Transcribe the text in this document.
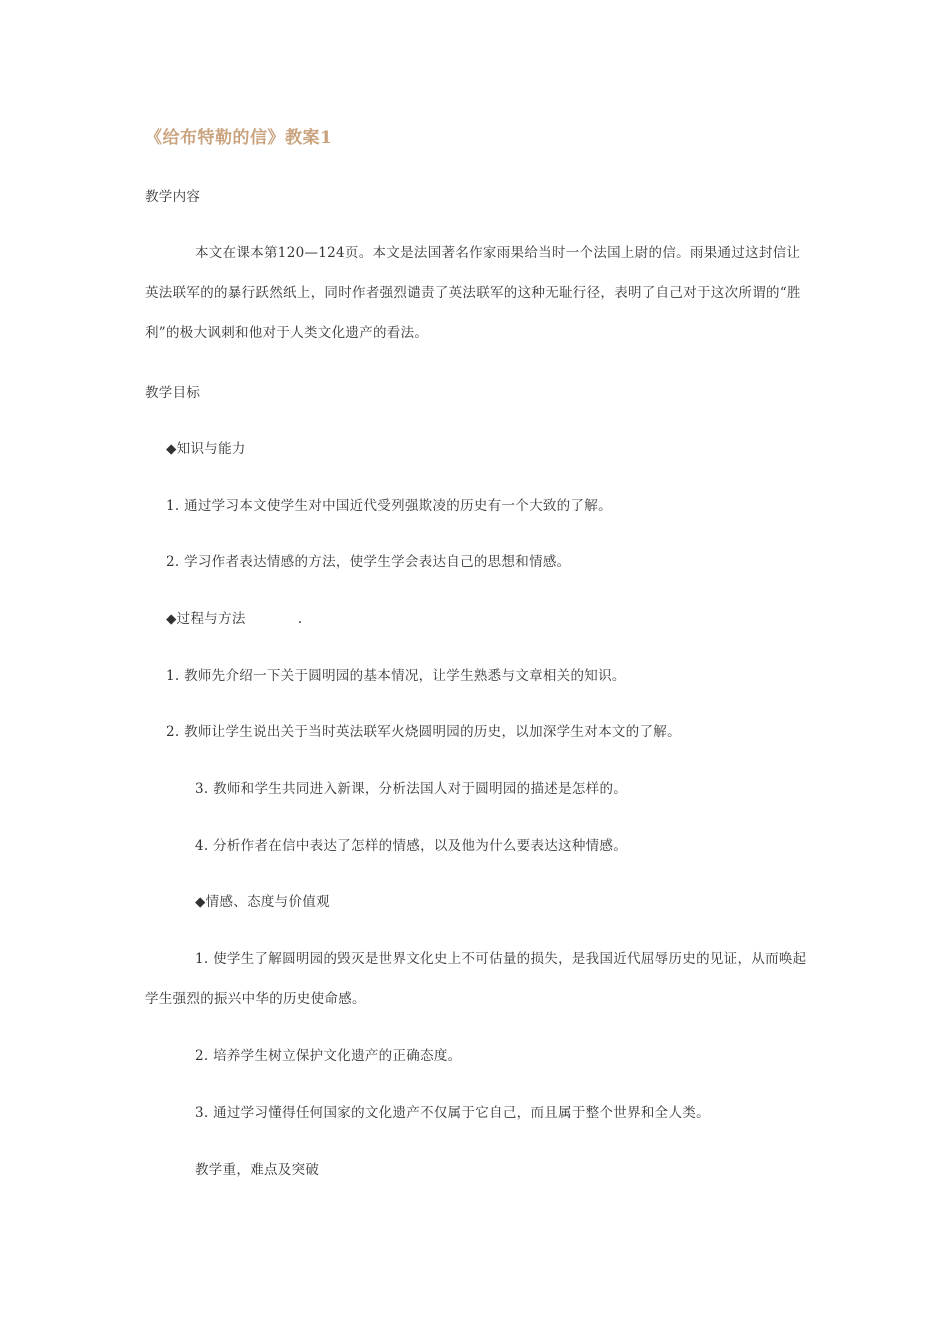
《给布特勒的信》教案1
教学内容
本文在课本第120—124页。本文是法国著名作家雨果给当时一个法国上尉的信。雨果通过这封信让英法联军的的暴行跃然纸上，同时作者强烈谴责了英法联军的这种无耻行径，表明了自己对于这次所谓的“胜利”的极大讽刺和他对于人类文化遗产的看法。
教学目标
◆知识与能力
1. 通过学习本文使学生对中国近代受列强欺凌的历史有一个大致的了解。
2. 学习作者表达情感的方法，使学生学会表达自己的思想和情感。
◆过程与方法	.
1. 教师先介绍一下关于圆明园的基本情况，让学生熟悉与文章相关的知识。
2. 教师让学生说出关于当时英法联军火烧圆明园的历史，以加深学生对本文的了解。
3. 教师和学生共同进入新课，分析法国人对于圆明园的描述是怎样的。
4. 分析作者在信中表达了怎样的情感，以及他为什么要表达这种情感。
◆情感、态度与价值观
1. 使学生了解圆明园的毁灭是世界文化史上不可估量的损失，是我国近代屈辱历史的见证，从而唤起学生强烈的振兴中华的历史使命感。
2. 培养学生树立保护文化遗产的正确态度。
3. 通过学习懂得任何国家的文化遗产不仅属于它自己，而且属于整个世界和全人类。
教学重，难点及突破
